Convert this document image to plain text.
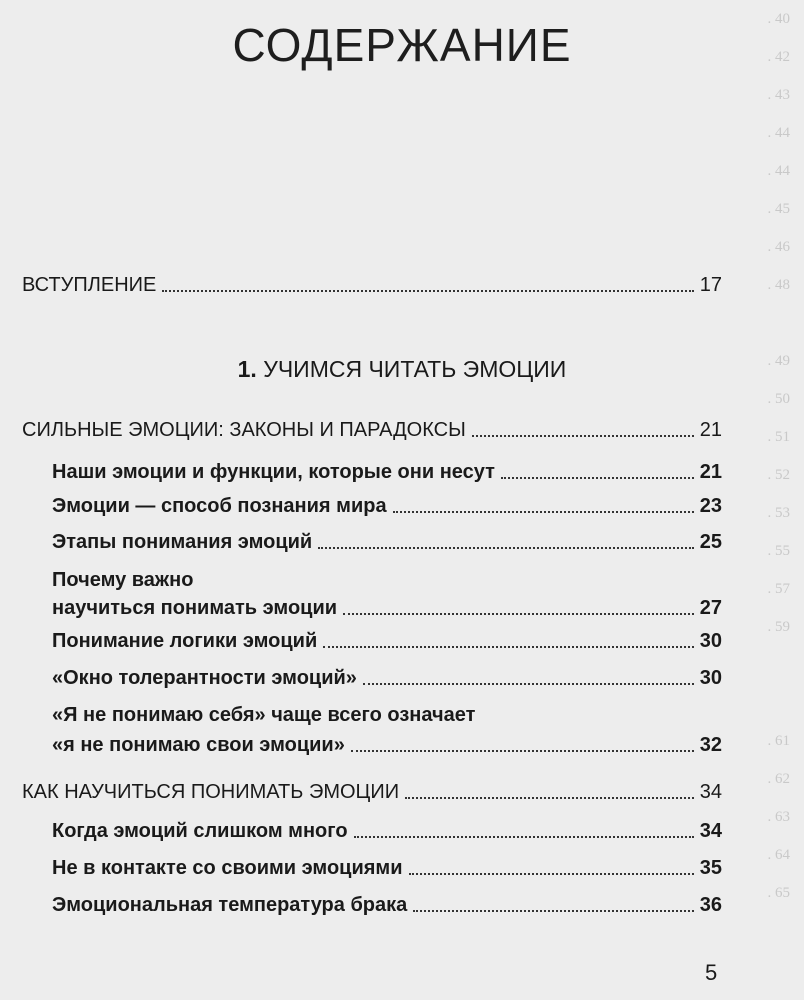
. 40
. 42
. 43
. 44
. 44
. 45
. 46
. 48

. 49
. 50
. 51
. 52
. 53
. 55
. 57
. 59

. 61
. 62
. 63
. 64
. 65
СОДЕРЖАНИЕ
ВСТУПЛЕНИЕ	17
1. УЧИМСЯ ЧИТАТЬ ЭМОЦИИ
СИЛЬНЫЕ ЭМОЦИИ: ЗАКОНЫ И ПАРАДОКСЫ	21
Наши эмоции и функции, которые они несут	21
Эмоции — способ познания мира	23
Этапы понимания эмоций	25
Почему важно
научиться понимать эмоции	27
Понимание логики эмоций	30
«Окно толерантности эмоций»	30
«Я не понимаю себя» чаще всего означает
«я не понимаю свои эмоции»	32
КАК НАУЧИТЬСЯ ПОНИМАТЬ ЭМОЦИИ	34
Когда эмоций слишком много	34
Не в контакте со своими эмоциями	35
Эмоциональная температура брака	36
5
